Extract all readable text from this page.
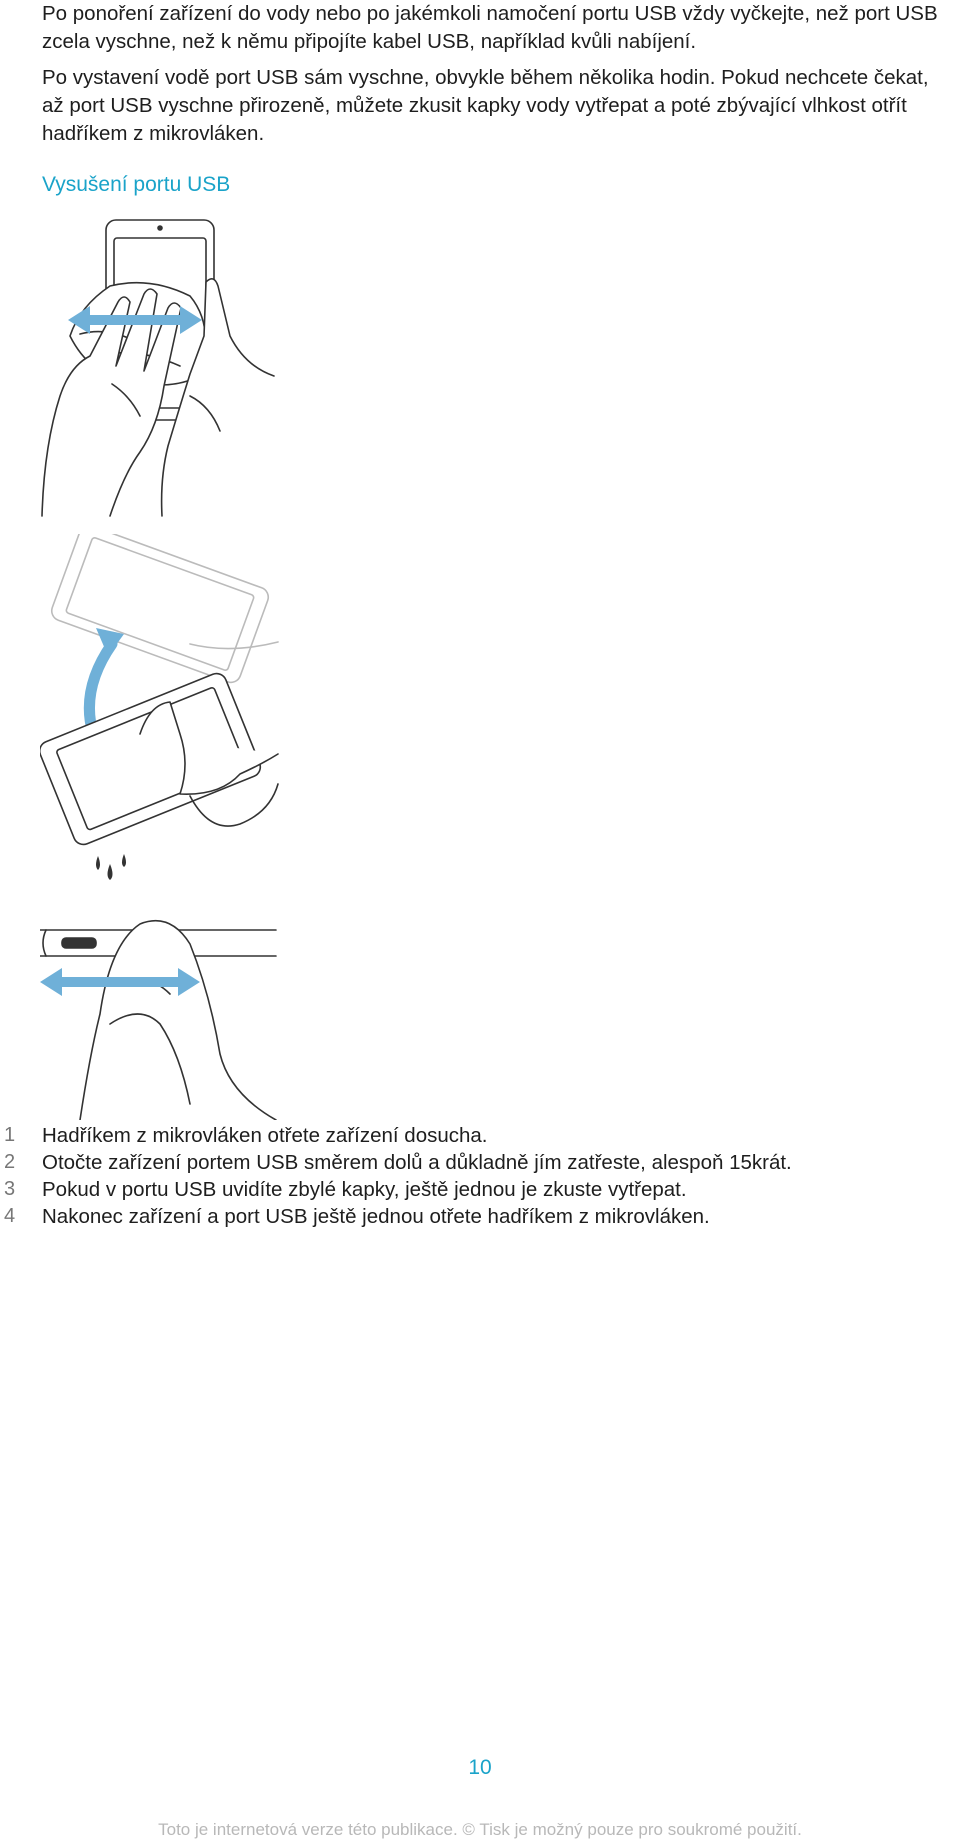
Po ponoření zařízení do vody nebo po jakémkoli namočení portu USB vždy vyčkejte, než port USB zcela vyschne, než k němu připojíte kabel USB, například kvůli nabíjení.

Po vystavení vodě port USB sám vyschne, obvykle během několika hodin. Pokud nechcete čekat, až port USB vyschne přirozeně, můžete zkusit kapky vody vytřepat a poté zbývající vlhkost otřít hadříkem z mikrovláken.

Vysušení portu USB
1 Hadříkem z mikrovláken otřete zařízení dosucha.
2 Otočte zařízení portem USB směrem dolů a důkladně jím zatřeste, alespoň 15krát.
3 Pokud v portu USB uvidíte zbylé kapky, ještě jednou je zkuste vytřepat.
4 Nakonec zařízení a port USB ještě jednou otřete hadříkem z mikrovláken.
10
Toto je internetová verze této publikace. © Tisk je možný pouze pro soukromé použití.
